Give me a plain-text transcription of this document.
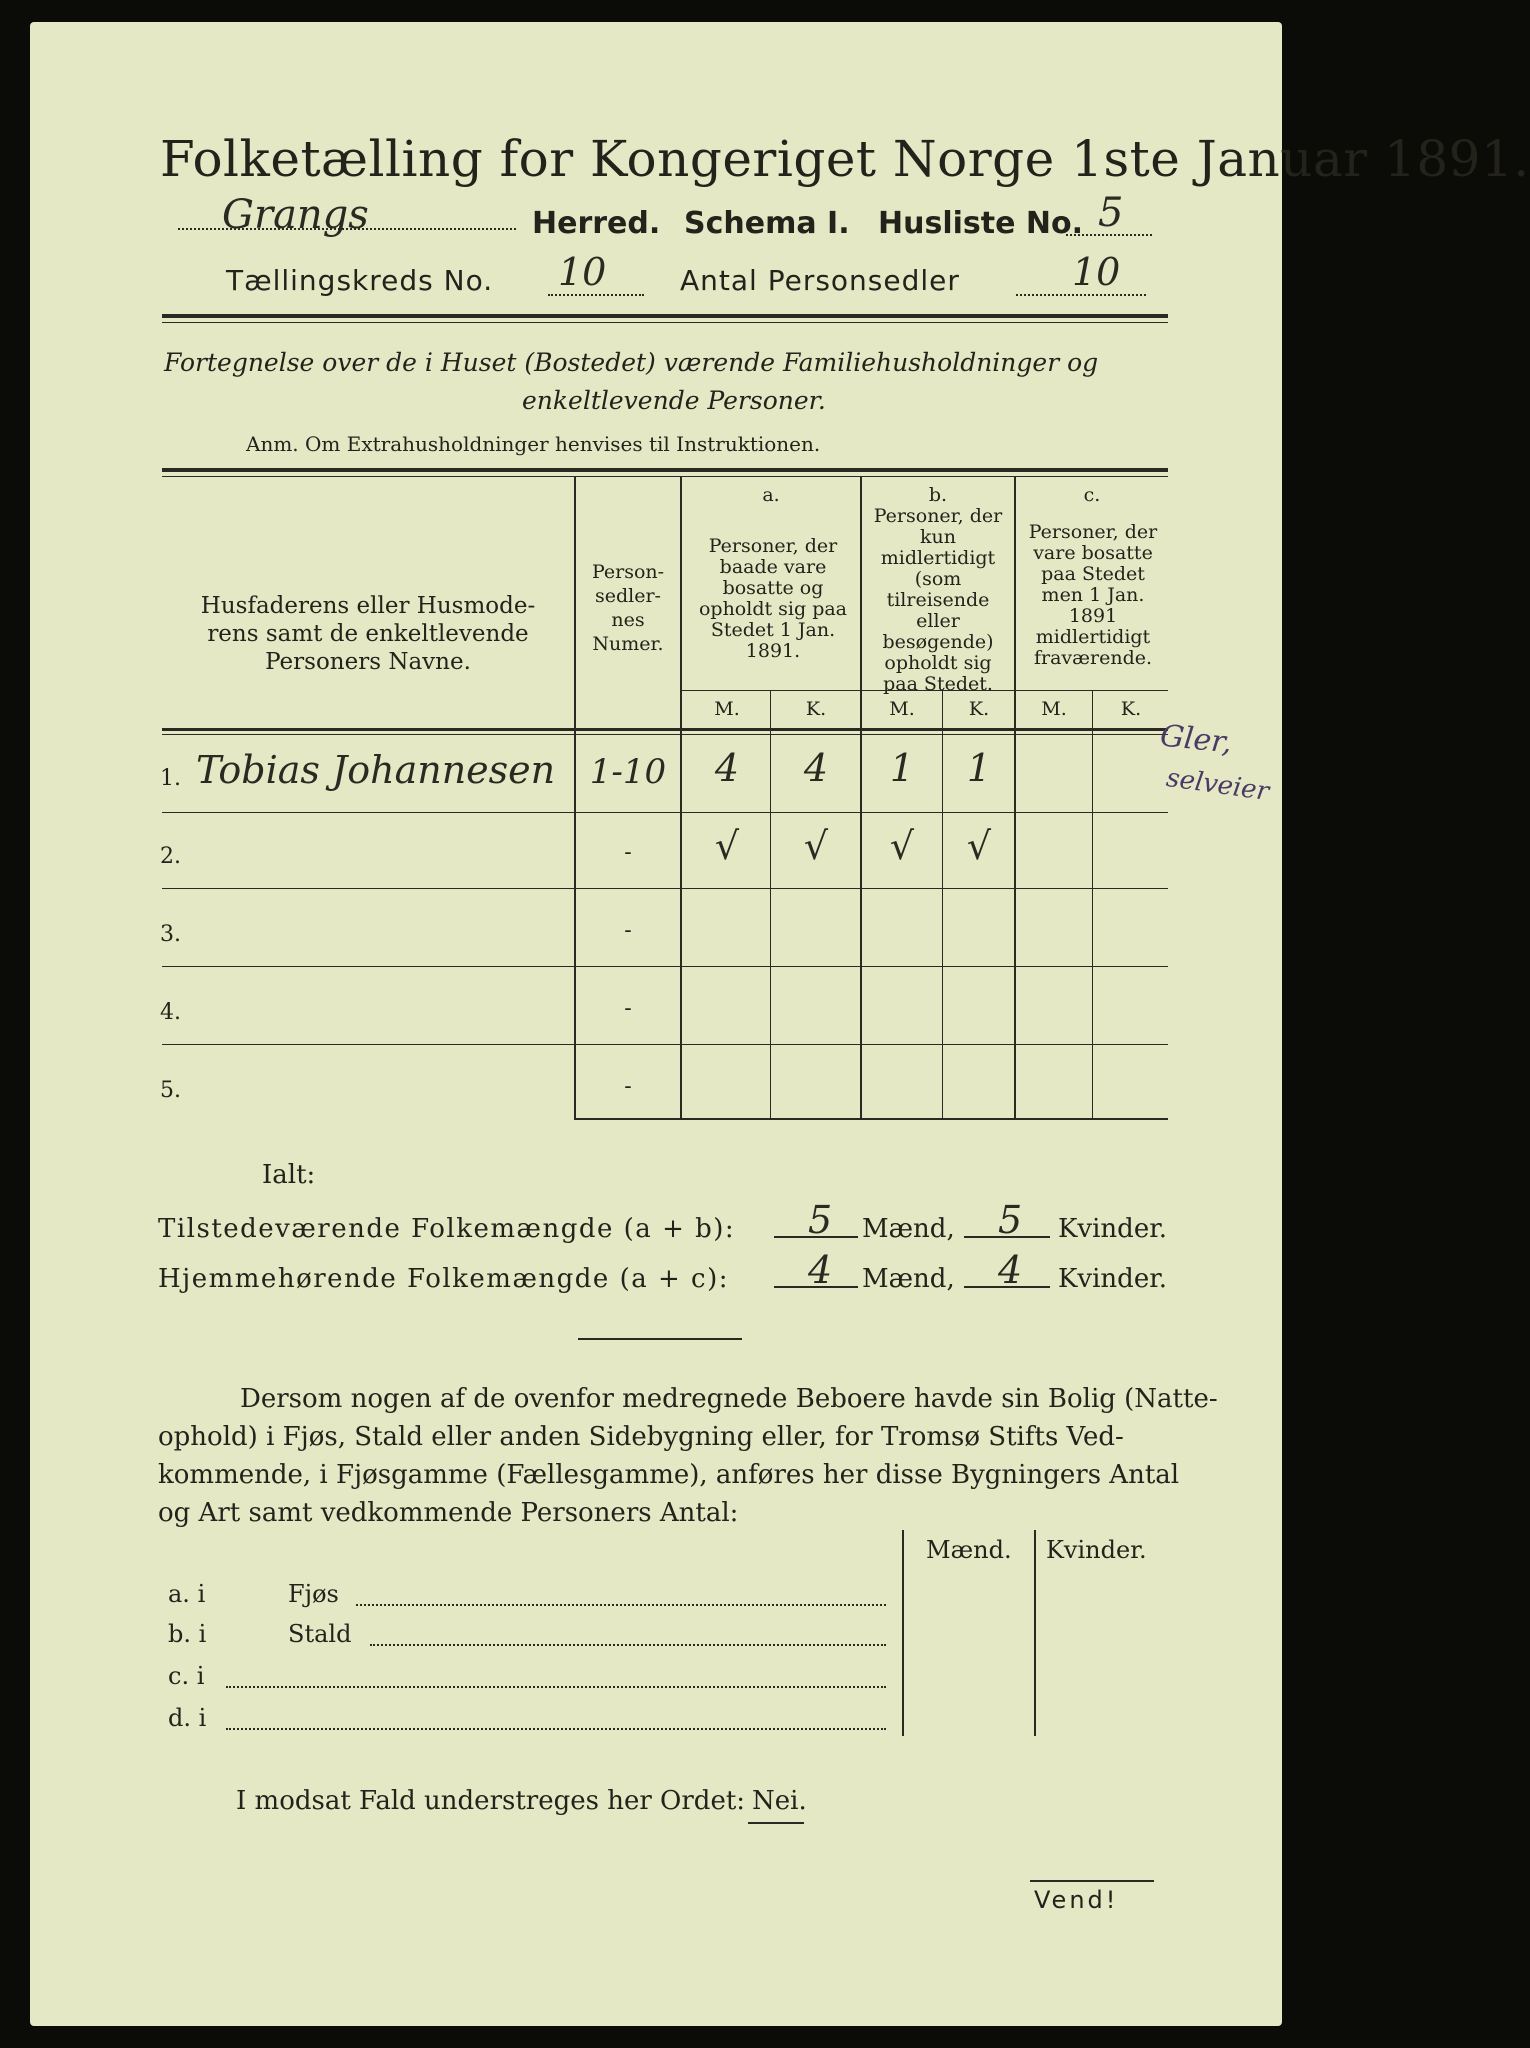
Folketælling for Kongeriget Norge 1ste Januar 1891.
Grangs	Herred. Schema I. Husliste No. 5
Tællingskreds No. 10	Antal Personsedler	10
Fortegnelse over de i Huset (Bostedet) værende Familiehusholdninger og
enkeltlevende Personer.
Anm. Om Extrahusholdninger henvises til Instruktionen.
Husfaderens eller Husmode-
rens samt de enkeltlevende
Personers Navne.
Person-
sedler-
nes
Numer.
a.
Personer, der baade vare bosatte og opholdt sig paa Stedet 1 Jan. 1891.
b.
Personer, der kun midlertidigt (som tilreisende eller besøgende) opholdt sig paa Stedet.
c.
Personer, der vare bosatte paa Stedet men 1 Jan. 1891 midlertidigt fraværende.
M.	K.	M.	K.	M.	K.
1. Tobias Johannesen	1-10	4	4	1	1
2.	-	√	√	√	√
3.	-
4.	-
5.	-
Gler,
selveier
Ialt:
Tilstedeværende Folkemængde (a + b): 5 Mænd, 5 Kvinder.
Hjemmehørende Folkemængde (a + c): 4 Mænd, 4 Kvinder.
Dersom nogen af de ovenfor medregnede Beboere havde sin Bolig (Natte-
ophold) i Fjøs, Stald eller anden Sidebygning eller, for Tromsø Stifts Ved-
kommende, i Fjøsgamme (Fællesgamme), anføres her disse Bygningers Antal
og Art samt vedkommende Personers Antal:
Mænd. Kvinder.
a. i	Fjøs
b. i	Stald
c. i
d. i
I modsat Fald understreges her Ordet: Nei.
Vend!
